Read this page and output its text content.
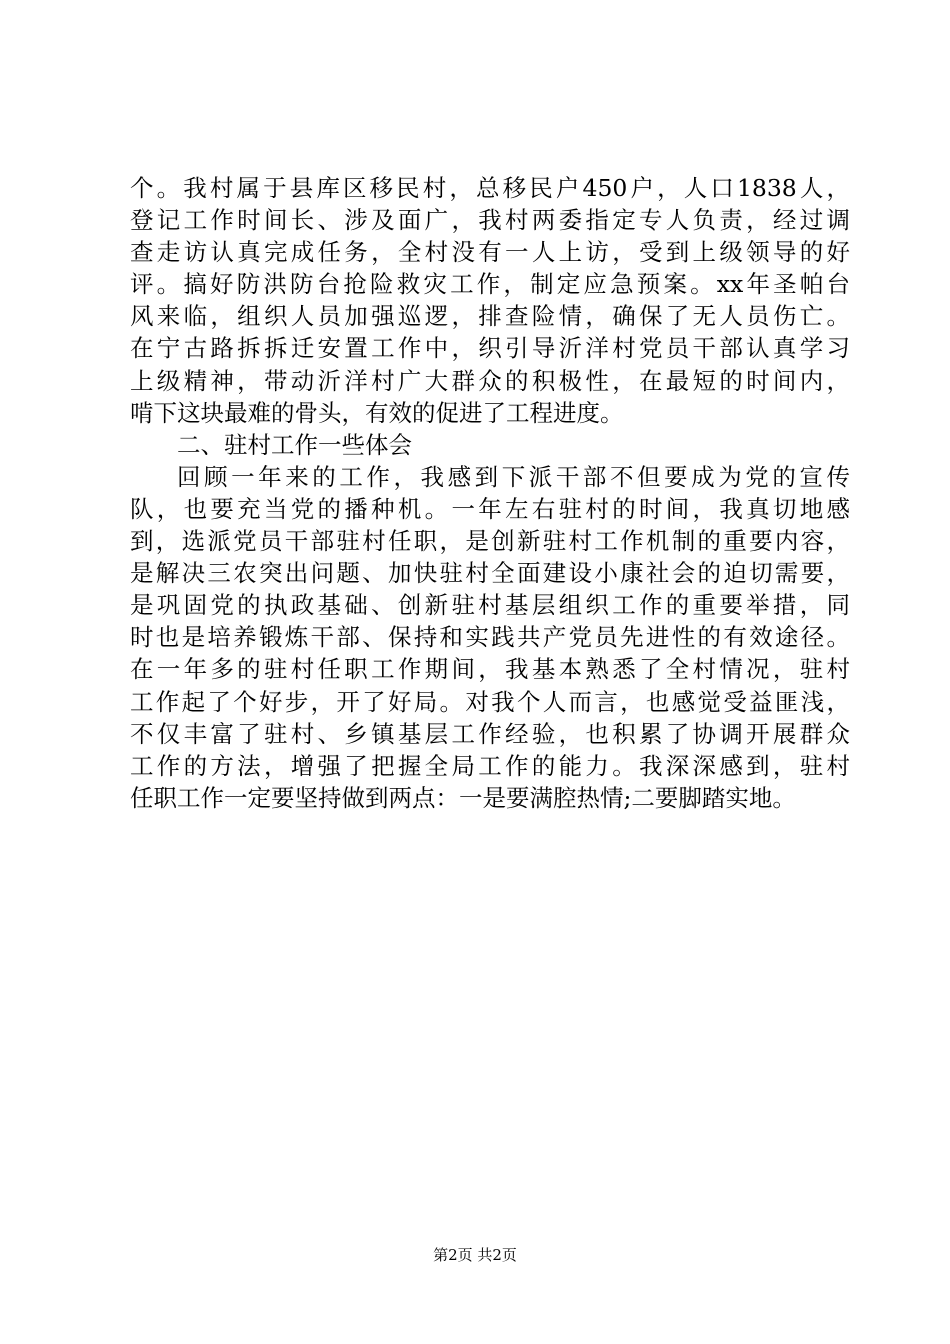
个。我村属于县库区移民村，总移民户450户，人口1838人，
登记工作时间长、涉及面广，我村两委指定专人负责，经过调
查走访认真完成任务，全村没有一人上访，受到上级领导的好
评。搞好防洪防台抢险救灾工作，制定应急预案。xx年圣帕台
风来临，组织人员加强巡逻，排查险情，确保了无人员伤亡。
在宁古路拆拆迁安置工作中，织引导沂洋村党员干部认真学习
上级精神，带动沂洋村广大群众的积极性，在最短的时间内，
啃下这块最难的骨头，有效的促进了工程进度。
二、驻村工作一些体会
回顾一年来的工作，我感到下派干部不但要成为党的宣传
队，也要充当党的播种机。一年左右驻村的时间，我真切地感
到，选派党员干部驻村任职，是创新驻村工作机制的重要内容，
是解决三农突出问题、加快驻村全面建设小康社会的迫切需要，
是巩固党的执政基础、创新驻村基层组织工作的重要举措，同
时也是培养锻炼干部、保持和实践共产党员先进性的有效途径。
在一年多的驻村任职工作期间，我基本熟悉了全村情况，驻村
工作起了个好步，开了好局。对我个人而言，也感觉受益匪浅，
不仅丰富了驻村、乡镇基层工作经验，也积累了协调开展群众
工作的方法，增强了把握全局工作的能力。我深深感到，驻村
任职工作一定要坚持做到两点：一是要满腔热情;二要脚踏实地。
第2页 共2页
